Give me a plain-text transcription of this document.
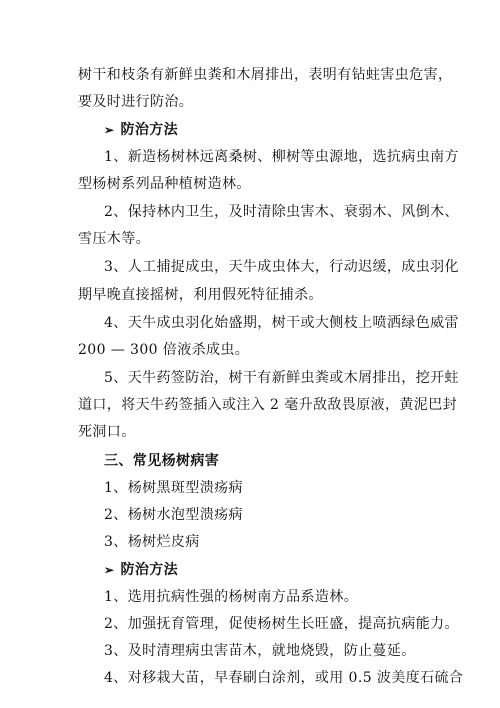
树干和枝条有新鲜虫粪和木屑排出，表明有钻蛀害虫危害，
要及时进行防治。
➢ 防治方法
1、新造杨树林远离桑树、柳树等虫源地，选抗病虫南方
型杨树系列品种植树造林。
2、保持林内卫生，及时清除虫害木、衰弱木、风倒木、
雪压木等。
3、人工捕捉成虫，天牛成虫体大，行动迟缓，成虫羽化
期早晚直接摇树，利用假死特征捕杀。
4、天牛成虫羽化始盛期，树干或大侧枝上喷洒绿色威雷
200 — 300 倍液杀成虫。
5、天牛药签防治，树干有新鲜虫粪或木屑排出，挖开蛀
道口，将天牛药签插入或注入 2 毫升敌敌畏原液，黄泥巴封
死洞口。
三、常见杨树病害
1、杨树黑斑型溃疡病
2、杨树水泡型溃疡病
3、杨树烂皮病
➢ 防治方法
1、选用抗病性强的杨树南方品系造林。
2、加强抚育管理，促使杨树生长旺盛，提高抗病能力。
3、及时清理病虫害苗木，就地烧毁，防止蔓延。
4、对移栽大苗，早春刷白涂剂，或用 0.5 波美度石硫合
